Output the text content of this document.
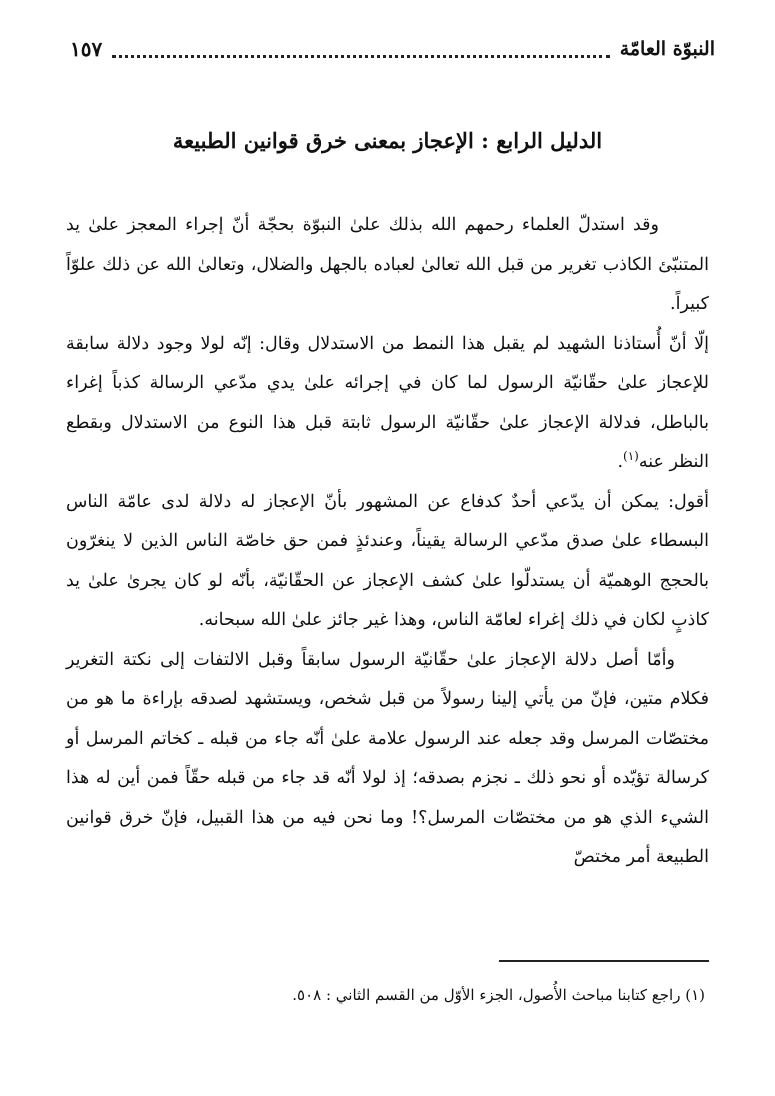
النبوّة العامّة
١٥٧
الدليل الرابع : الإعجاز بمعنى خرق قوانين الطبيعة

وقد استدلّ العلماء رحمهم الله بذلك علىٰ النبوّة بحجّة أنّ إجراء المعجز علىٰ يد المتنبّئ الكاذب تغرير من قبل الله تعالىٰ لعباده بالجهل والضلال، وتعالىٰ الله عن ذلك علوّاً كبيراً.

إلّا أنّ أُستاذنا الشهيد لم يقبل هذا النمط من الاستدلال وقال: إنّه لولا وجود دلالة سابقة للإعجاز علىٰ حقّانيّة الرسول لما كان في إجرائه علىٰ يدي مدّعي الرسالة كذباً إغراء بالباطل، فدلالة الإعجاز علىٰ حقّانيّة الرسول ثابتة قبل هذا النوع من الاستدلال وبقطع النظر عنه$^{(١)}$.

أقول: يمكن أن يدّعي أحدٌ كدفاع عن المشهور بأنّ الإعجاز له دلالة لدى عامّة الناس البسطاء علىٰ صدق مدّعي الرسالة يقيناً، وعندئذٍ فمن حق خاصّة الناس الذين لا ينغرّون بالحجج الوهميّة أن يستدلّوا علىٰ كشف الإعجاز عن الحقّانيّة، بأنّه لو كان يجرىٰ علىٰ يد كاذبٍ لكان في ذلك إغراء لعامّة الناس، وهذا غير جائز علىٰ الله سبحانه.

وأمّا أصل دلالة الإعجاز علىٰ حقّانيّة الرسول سابقاً وقبل الالتفات إلى نكتة التغرير فكلام متين، فإنّ من يأتي إلينا رسولاً من قبل شخص، ويستشهد لصدقه بإراءة ما هو من مختصّات المرسل وقد جعله عند الرسول علامة علىٰ أنّه جاء من قبله ـ كخاتم المرسل أو كرسالة تؤيّده أو نحو ذلك ـ نجزم بصدقه؛ إذ لولا أنّه قد جاء من قبله حقّاً فمن أين له هذا الشيء الذي هو من مختصّات المرسل؟! وما نحن فيه من هذا القبيل، فإنّ خرق قوانين الطبيعة أمر مختصّ

(١) راجع كتابنا مباحث الأُصول، الجزء الأوّل من القسم الثاني : ٥٠٨.
